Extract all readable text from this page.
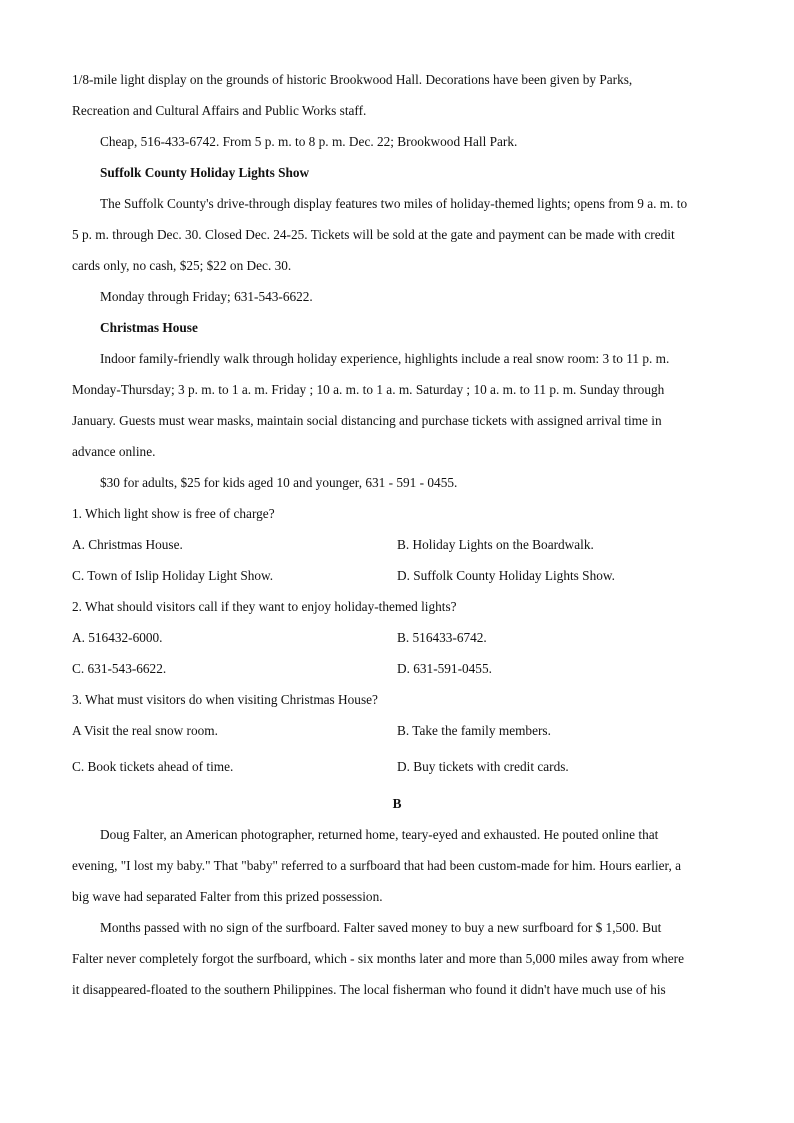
1/8-mile light display on the grounds of historic Brookwood Hall. Decorations have been given by Parks,
Recreation and Cultural Affairs and Public Works staff.
Cheap, 516-433-6742. From 5 p. m. to 8 p. m. Dec. 22; Brookwood Hall Park.
Suffolk County Holiday Lights Show
The Suffolk County's drive-through display features two miles of holiday-themed lights; opens from 9 a. m. to
5 p. m. through Dec. 30. Closed Dec. 24-25. Tickets will be sold at the gate and payment can be made with credit
cards only, no cash, $25; $22 on Dec. 30.
Monday through Friday; 631-543-6622.
Christmas House
Indoor family-friendly walk through holiday experience, highlights include a real snow room: 3 to 11 p. m.
Monday-Thursday; 3 p. m. to 1 a. m. Friday ; 10 a. m. to 1 a. m. Saturday ; 10 a. m. to 11 p. m. Sunday through
January. Guests must wear masks, maintain social distancing and purchase tickets with assigned arrival time in
advance online.
$30 for adults, $25 for kids aged 10 and younger, 631 - 591 - 0455.
1. Which light show is free of charge?
A. Christmas House.	B. Holiday Lights on the Boardwalk.
C. Town of Islip Holiday Light Show.	D. Suffolk County Holiday Lights Show.
2. What should visitors call if they want to enjoy holiday-themed lights?
A. 516432-6000.	B. 516433-6742.
C. 631-543-6622.	D. 631-591-0455.
3. What must visitors do when visiting Christmas House?
A Visit the real snow room.	B. Take the family members.
C. Book tickets ahead of time.	D. Buy tickets with credit cards.
B
Doug Falter, an American photographer, returned home, teary-eyed and exhausted. He pouted online that
evening, "I lost my baby." That "baby" referred to a surfboard that had been custom-made for him. Hours earlier, a
big wave had separated Falter from this prized possession.
Months passed with no sign of the surfboard. Falter saved money to buy a new surfboard for $ 1,500. But
Falter never completely forgot the surfboard, which - six months later and more than 5,000 miles away from where
it disappeared-floated to the southern Philippines. The local fisherman who found it didn't have much use of his
